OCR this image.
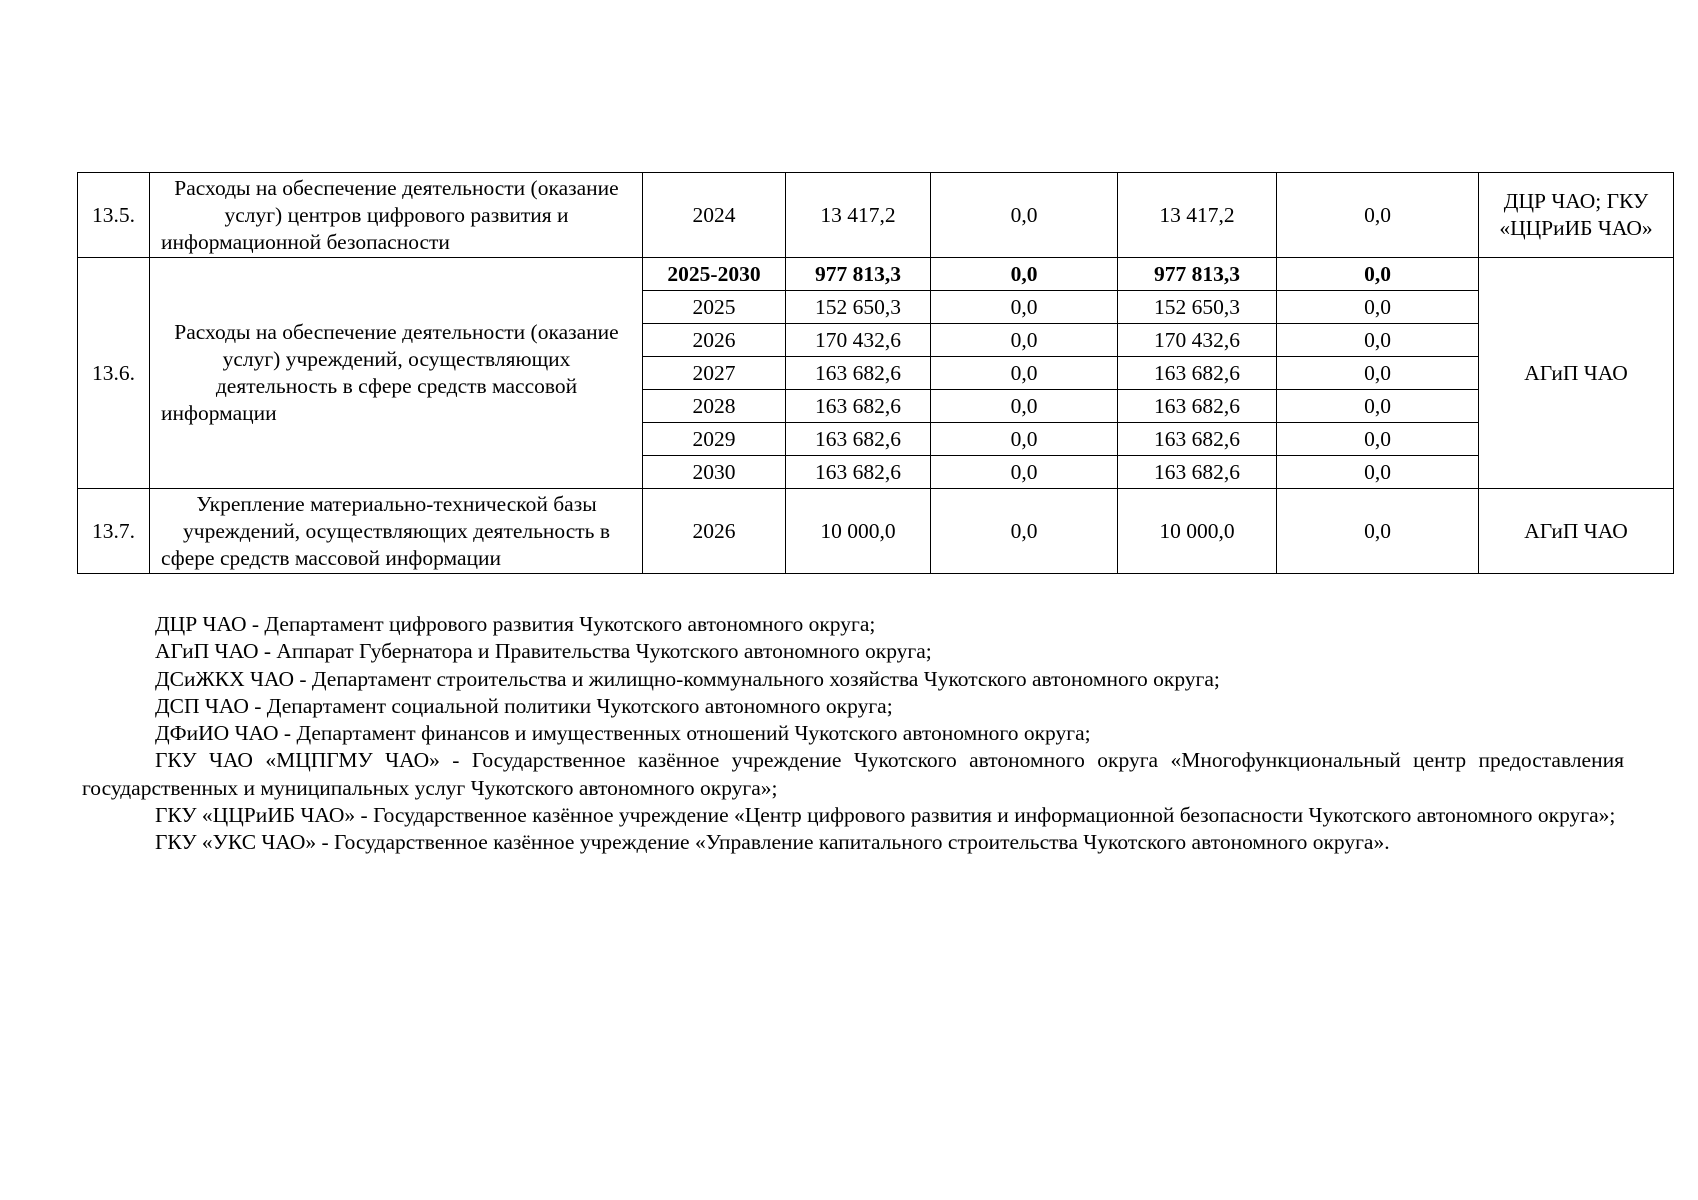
13.5.	Расходы на обеспечение деятельности (оказание услуг) центров цифрового развития и информационной безопасности	2024	13 417,2	0,0	13 417,2	0,0	ДЦР ЧАО; ГКУ «ЦЦРиИБ ЧАО»
13.6.	Расходы на обеспечение деятельности (оказание услуг) учреждений, осуществляющих деятельность в сфере средств массовой информации	2025-2030	977 813,3	0,0	977 813,3	0,0	АГиП ЧАО
		2025	152 650,3	0,0	152 650,3	0,0	
		2026	170 432,6	0,0	170 432,6	0,0	
		2027	163 682,6	0,0	163 682,6	0,0	
		2028	163 682,6	0,0	163 682,6	0,0	
		2029	163 682,6	0,0	163 682,6	0,0	
		2030	163 682,6	0,0	163 682,6	0,0	
13.7.	Укрепление материально-технической базы учреждений, осуществляющих деятельность в сфере средств массовой информации	2026	10 000,0	0,0	10 000,0	0,0	АГиП ЧАО

ДЦР ЧАО - Департамент цифрового развития Чукотского автономного округа;

АГиП ЧАО - Аппарат Губернатора и Правительства Чукотского автономного округа;

ДСиЖКХ ЧАО - Департамент строительства и жилищно-коммунального хозяйства Чукотского автономного округа;

ДСП ЧАО - Департамент социальной политики Чукотского автономного округа;

ДФиИО ЧАО - Департамент финансов и имущественных отношений Чукотского автономного округа;

ГКУ ЧАО «МЦПГМУ ЧАО» - Государственное казённое учреждение Чукотского автономного округа «Многофункциональный центр предоставления государственных и муниципальных услуг Чукотского автономного округа»;

ГКУ «ЦЦРиИБ ЧАО» - Государственное казённое учреждение «Центр цифрового развития и информационной безопасности Чукотского автономного округа»;

ГКУ «УКС ЧАО» - Государственное казённое учреждение «Управление капитального строительства Чукотского автономного округа».
